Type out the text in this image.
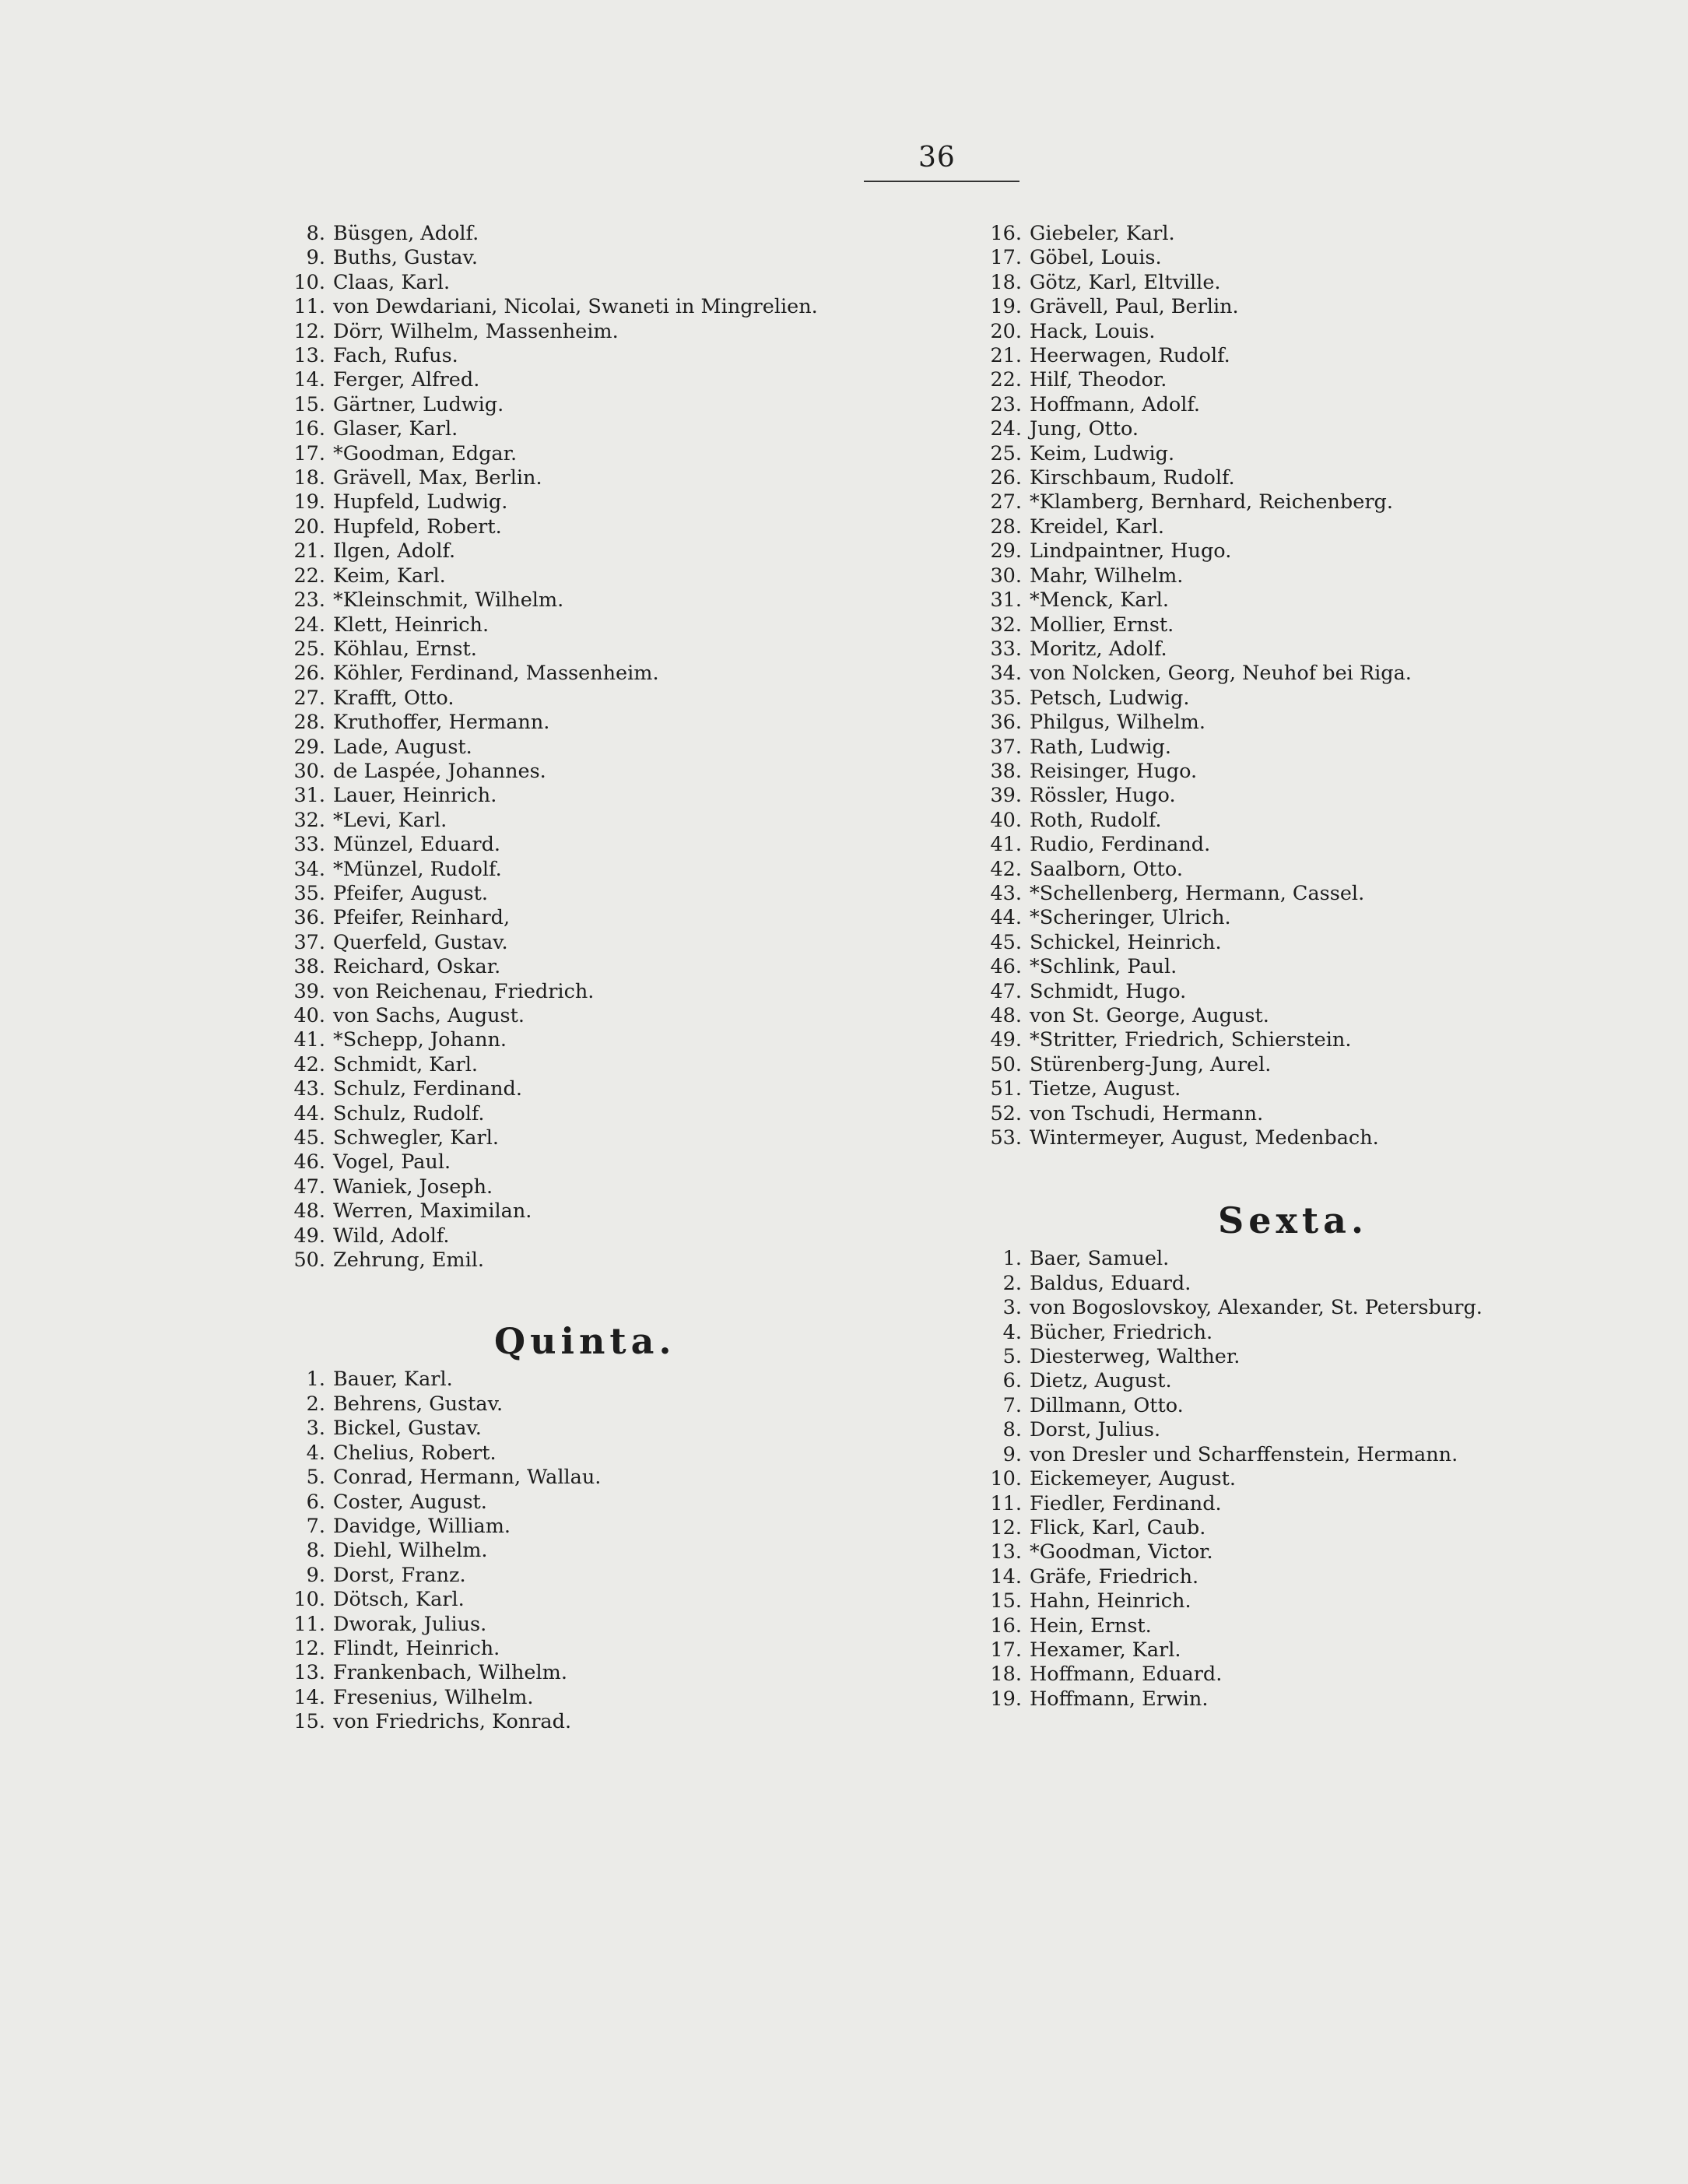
36
8. Büsgen, Adolf.
9. Buths, Gustav.
10. Claas, Karl.
11. von Dewdariani, Nicolai, Swaneti in Mingrelien.
12. Dörr, Wilhelm, Massenheim.
13. Fach, Rufus.
14. Ferger, Alfred.
15. Gärtner, Ludwig.
16. Glaser, Karl.
17. *Goodman, Edgar.
18. Grävell, Max, Berlin.
19. Hupfeld, Ludwig.
20. Hupfeld, Robert.
21. Ilgen, Adolf.
22. Keim, Karl.
23. *Kleinschmit, Wilhelm.
24. Klett, Heinrich.
25. Köhlau, Ernst.
26. Köhler, Ferdinand, Massenheim.
27. Krafft, Otto.
28. Kruthoffer, Hermann.
29. Lade, August.
30. de Laspée, Johannes.
31. Lauer, Heinrich.
32. *Levi, Karl.
33. Münzel, Eduard.
34. *Münzel, Rudolf.
35. Pfeifer, August.
36. Pfeifer, Reinhard,
37. Querfeld, Gustav.
38. Reichard, Oskar.
39. von Reichenau, Friedrich.
40. von Sachs, August.
41. *Schepp, Johann.
42. Schmidt, Karl.
43. Schulz, Ferdinand.
44. Schulz, Rudolf.
45. Schwegler, Karl.
46. Vogel, Paul.
47. Waniek, Joseph.
48. Werren, Maximilan.
49. Wild, Adolf.
50. Zehrung, Emil.
Quinta.
1. Bauer, Karl.
2. Behrens, Gustav.
3. Bickel, Gustav.
4. Chelius, Robert.
5. Conrad, Hermann, Wallau.
6. Coster, August.
7. Davidge, William.
8. Diehl, Wilhelm.
9. Dorst, Franz.
10. Dötsch, Karl.
11. Dworak, Julius.
12. Flindt, Heinrich.
13. Frankenbach, Wilhelm.
14. Fresenius, Wilhelm.
15. von Friedrichs, Konrad.
16. Giebeler, Karl.
17. Göbel, Louis.
18. Götz, Karl, Eltville.
19. Grävell, Paul, Berlin.
20. Hack, Louis.
21. Heerwagen, Rudolf.
22. Hilf, Theodor.
23. Hoffmann, Adolf.
24. Jung, Otto.
25. Keim, Ludwig.
26. Kirschbaum, Rudolf.
27. *Klamberg, Bernhard, Reichenberg.
28. Kreidel, Karl.
29. Lindpaintner, Hugo.
30. Mahr, Wilhelm.
31. *Menck, Karl.
32. Mollier, Ernst.
33. Moritz, Adolf.
34. von Nolcken, Georg, Neuhof bei Riga.
35. Petsch, Ludwig.
36. Philgus, Wilhelm.
37. Rath, Ludwig.
38. Reisinger, Hugo.
39. Rössler, Hugo.
40. Roth, Rudolf.
41. Rudio, Ferdinand.
42. Saalborn, Otto.
43. *Schellenberg, Hermann, Cassel.
44. *Scheringer, Ulrich.
45. Schickel, Heinrich.
46. *Schlink, Paul.
47. Schmidt, Hugo.
48. von St. George, August.
49. *Stritter, Friedrich, Schierstein.
50. Stürenberg-Jung, Aurel.
51. Tietze, August.
52. von Tschudi, Hermann.
53. Wintermeyer, August, Medenbach.
Sexta.
1. Baer, Samuel.
2. Baldus, Eduard.
3. von Bogoslovskoy, Alexander, St. Petersburg.
4. Bücher, Friedrich.
5. Diesterweg, Walther.
6. Dietz, August.
7. Dillmann, Otto.
8. Dorst, Julius.
9. von Dresler und Scharffenstein, Hermann.
10. Eickemeyer, August.
11. Fiedler, Ferdinand.
12. Flick, Karl, Caub.
13. *Goodman, Victor.
14. Gräfe, Friedrich.
15. Hahn, Heinrich.
16. Hein, Ernst.
17. Hexamer, Karl.
18. Hoffmann, Eduard.
19. Hoffmann, Erwin.
